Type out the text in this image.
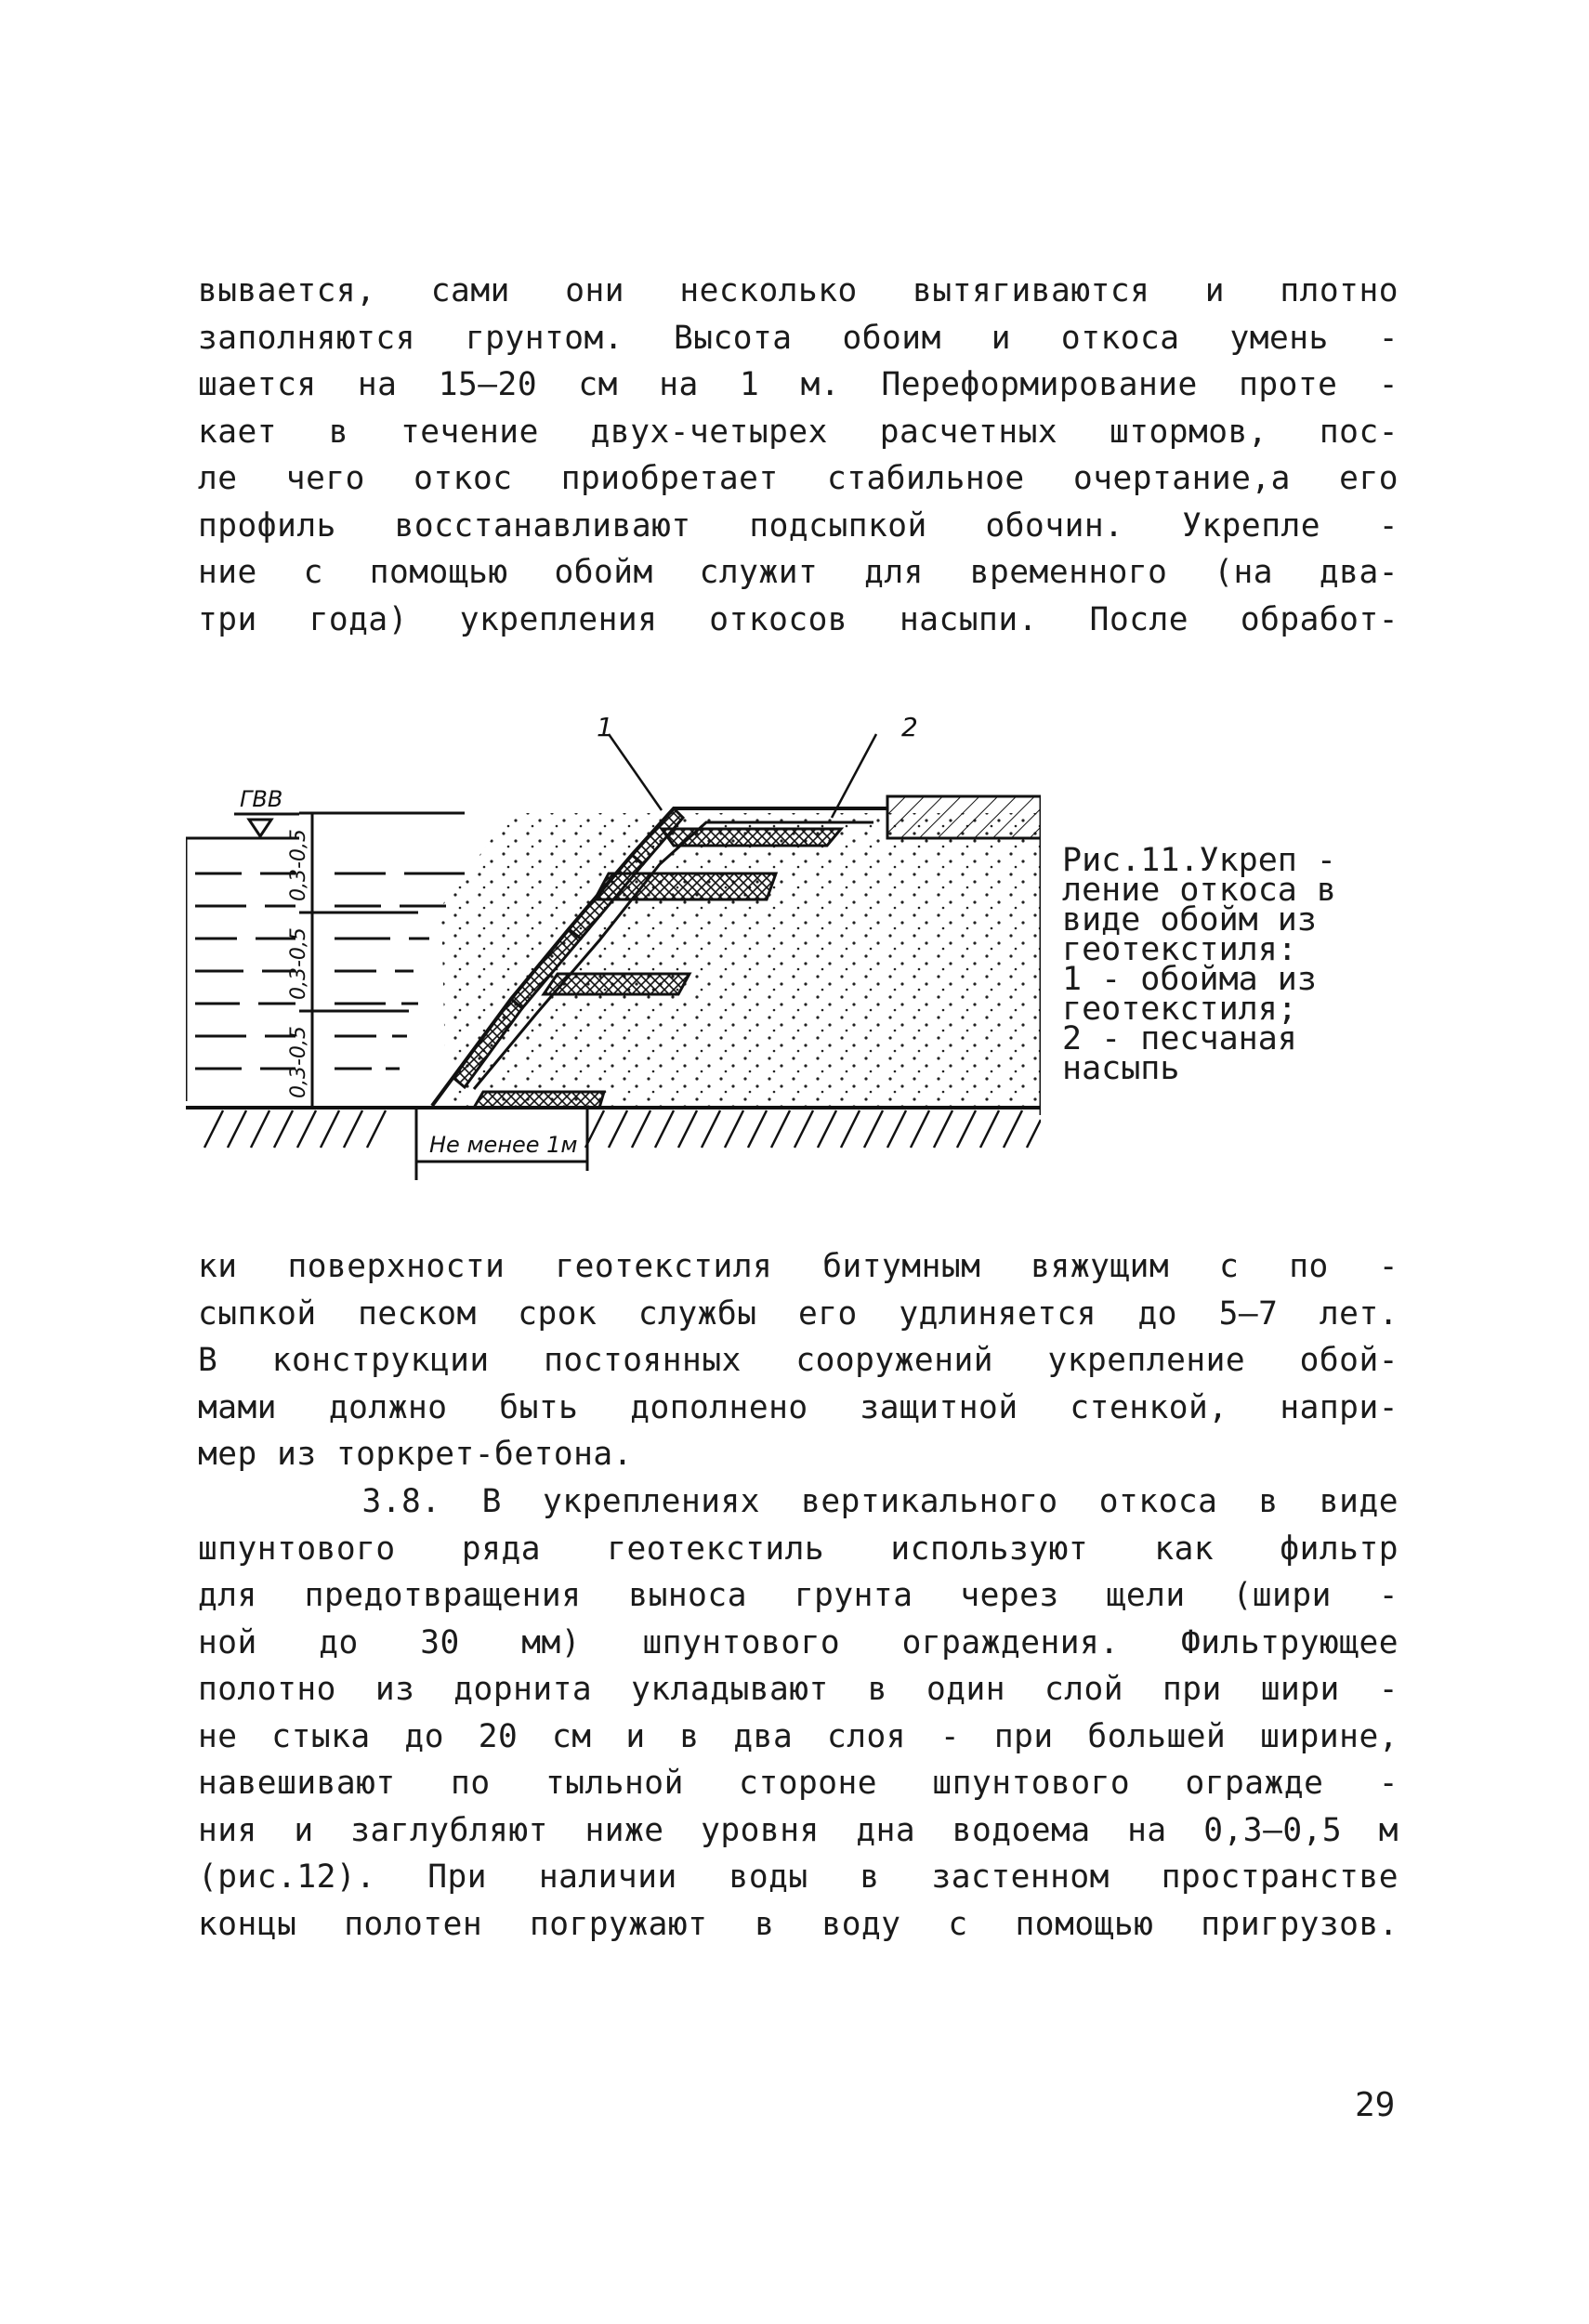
вывается, сами они несколько вытягиваются и плотно

заполняются грунтом. Высота обоим и откоса умень -

шается на 15–20 см на 1 м. Переформирование проте -

кает в течение двух-четырех расчетных штормов, пос-

ле чего откос приобретает стабильное очертание,а его

профиль восстанавливают подсыпкой обочин. Укрепле -

ние с помощью обойм служит для временного (на два-

три года) укрепления откосов насыпи. После обработ-

ГВВ
1	2
0,3-0,5
0,3-0,5
0,3-0,5
Не менее 1м
Рис.11.Укреп -
ление откоса в
виде обойм из
геотекстиля:
1 - обойма из
геотекстиля;
2 - песчаная
насыпь

ки поверхности геотекстиля битумным вяжущим с по -

сыпкой песком срок службы его удлиняется до 5–7 лет.

В конструкции постоянных сооружений укрепление обой-

мами должно быть дополнено защитной стенкой, напри-

мер из торкрет-бетона.

3.8. В укреплениях вертикального откоса в виде

шпунтового ряда геотекстиль используют как фильтр

для предотвращения выноса грунта через щели (шири -

ной до 30 мм) шпунтового ограждения. Фильтрующее

полотно из дорнита укладывают в один слой при шири -

не стыка до 20 см и в два слоя - при большей ширине,

навешивают по тыльной стороне шпунтового огражде -

ния и заглубляют ниже уровня дна водоема на 0,3–0,5 м

(рис.12). При наличии воды в застенном пространстве

концы полотен погружают в воду с помощью пригрузов.

29
